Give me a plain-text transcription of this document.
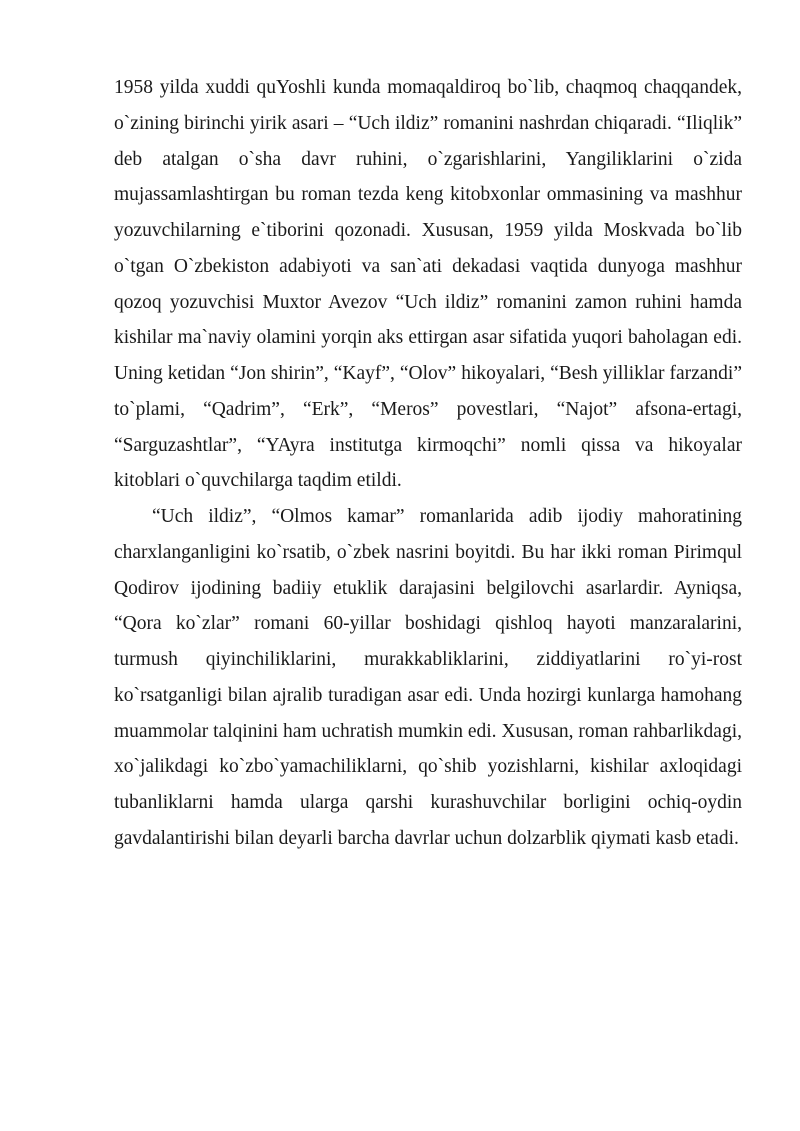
1958 yilda xuddi quYoshli kunda momaqaldiroq bo`lib, chaqmoq chaqqandek, o`zining birinchi yirik asari – “Uch ildiz” romanini nashrdan chiqaradi. “Iliqlik” deb atalgan o`sha davr ruhini, o`zgarishlarini, Yangiliklarini o`zida mujassamlashtirgan bu roman tezda keng kitobxonlar ommasining va mashhur yozuvchilarning e`tiborini qozonadi. Xususan, 1959 yilda Moskvada bo`lib o`tgan O`zbekiston adabiyoti va san`ati dekadasi vaqtida dunyoga mashhur qozoq yozuvchisi Muxtor Avezov “Uch ildiz” romanini zamon ruhini hamda kishilar ma`naviy olamini yorqin aks ettirgan asar sifatida yuqori baholagan edi. Uning ketidan “Jon shirin”, “Kayf”, “Olov” hikoyalari, “Besh yilliklar farzandi” to`plami, “Qadrim”, “Erk”, “Meros” povestlari, “Najot” afsona-ertagi, “Sarguzashtlar”, “YAyra institutga kirmoqchi” nomli qissa va hikoyalar kitoblari o`quvchilarga taqdim etildi.

“Uch ildiz”, “Olmos kamar” romanlarida adib ijodiy mahoratining charxlanganligini ko`rsatib, o`zbek nasrini boyitdi. Bu har ikki roman Pirimqul Qodirov ijodining badiiy etuklik darajasini belgilovchi asarlardir. Ayniqsa, “Qora ko`zlar” romani 60-yillar boshidagi qishloq hayoti manzaralarini, turmush qiyinchiliklarini, murakkabliklarini, ziddiyatlarini ro`yi-rost ko`rsatganligi bilan ajralib turadigan asar edi. Unda hozirgi kunlarga hamohang muammolar talqinini ham uchratish mumkin edi. Xususan, roman rahbarlikdagi, xo`jalikdagi ko`zbo`yamachiliklarni, qo`shib yozishlarni, kishilar axloqidagi tubanliklarni hamda ularga qarshi kurashuvchilar borligini ochiq-oydin gavdalantirishi bilan deyarli barcha davrlar uchun dolzarblik qiymati kasb etadi.
